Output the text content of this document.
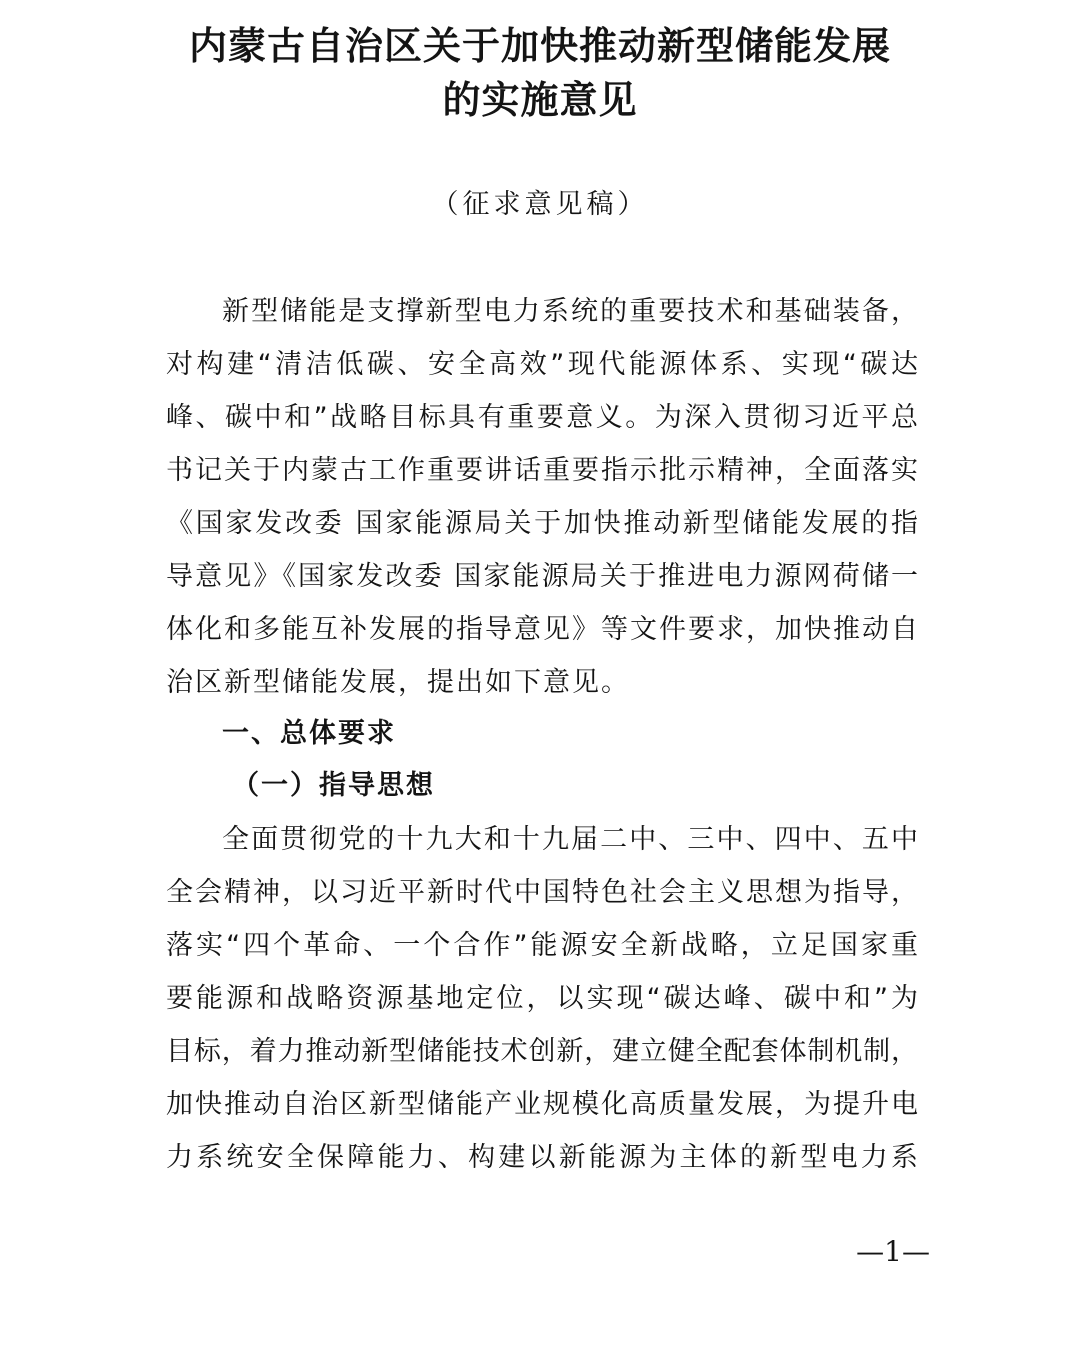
内蒙古自治区关于加快推动新型储能发展
的实施意见
（征求意见稿）
新型储能是支撑新型电力系统的重要技术和基础装备，
对构建“清洁低碳、安全高效”现代能源体系、实现“碳达
峰、碳中和”战略目标具有重要意义。为深入贯彻习近平总
书记关于内蒙古工作重要讲话重要指示批示精神，全面落实
《国家发改委 国家能源局关于加快推动新型储能发展的指
导意见》《国家发改委 国家能源局关于推进电力源网荷储一
体化和多能互补发展的指导意见》等文件要求，加快推动自
治区新型储能发展，提出如下意见。
一、总体要求
（一）指导思想
全面贯彻党的十九大和十九届二中、三中、四中、五中
全会精神，以习近平新时代中国特色社会主义思想为指导，
落实“四个革命、一个合作”能源安全新战略，立足国家重
要能源和战略资源基地定位，以实现“碳达峰、碳中和”为
目标，着力推动新型储能技术创新，建立健全配套体制机制，
加快推动自治区新型储能产业规模化高质量发展，为提升电
力系统安全保障能力、构建以新能源为主体的新型电力系
—1—
